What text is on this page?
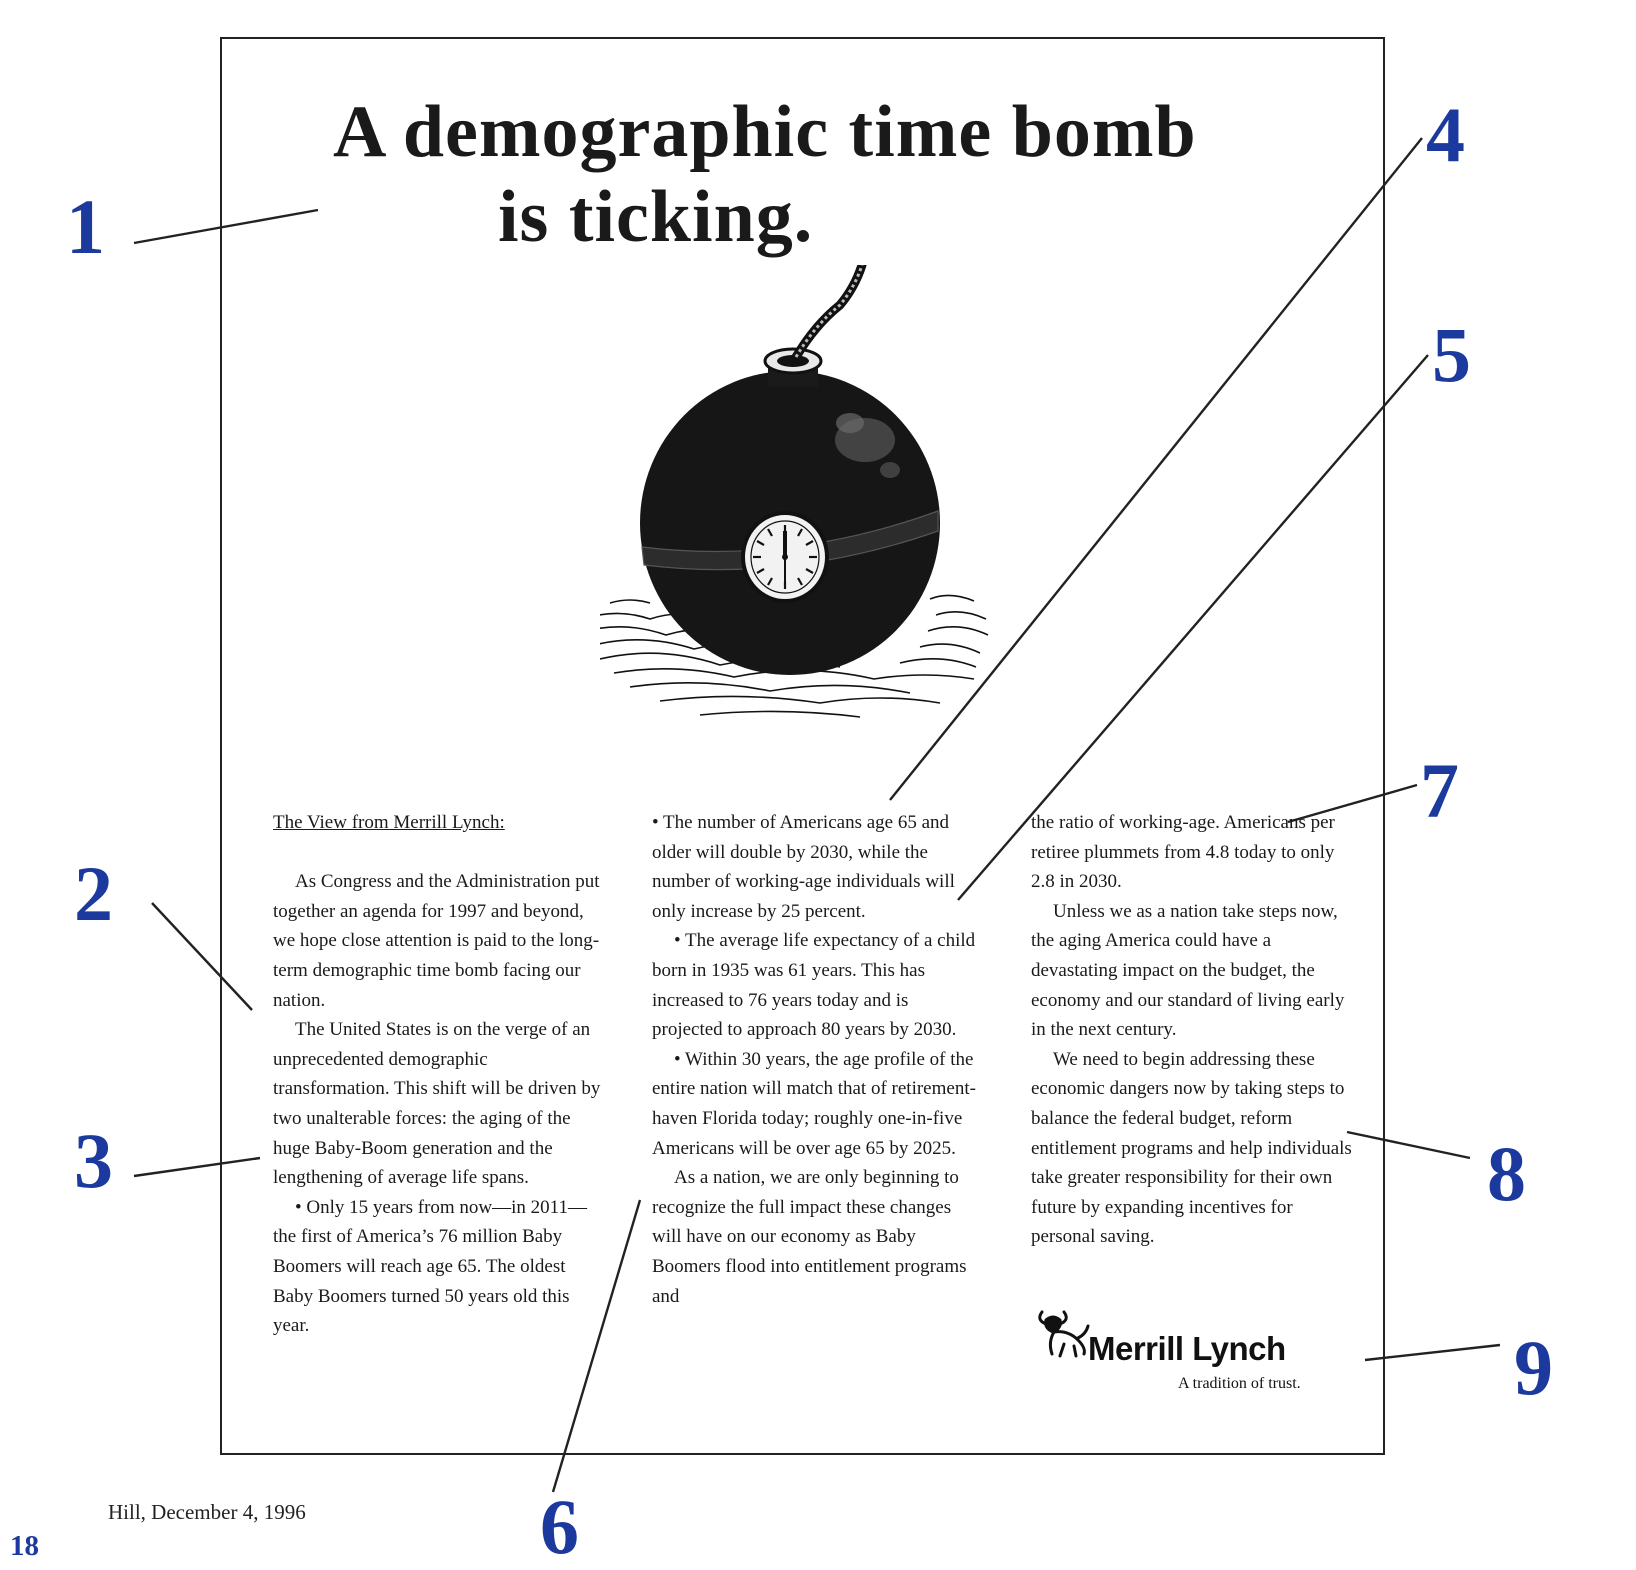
A demographic time bomb
is ticking.

The View from Merrill Lynch:

As Congress and the Administration put together an agenda for 1997 and beyond, we hope close attention is paid to the long-term demographic time bomb facing our nation.

The United States is on the verge of an unprecedented demographic transformation. This shift will be driven by two unalterable forces: the aging of the huge Baby-Boom generation and the lengthening of average life spans.

• Only 15 years from now—in 2011—the first of America’s 76 million Baby Boomers will reach age 65. The oldest Baby Boomers turned 50 years old this year.

• The number of Americans age 65 and older will double by 2030, while the number of working-age individuals will only increase by 25 percent.

• The average life expectancy of a child born in 1935 was 61 years. This has increased to 76 years today and is projected to approach 80 years by 2030.

• Within 30 years, the age profile of the entire nation will match that of retirement-haven Florida today; roughly one-in-five Americans will be over age 65 by 2025.

As a nation, we are only beginning to recognize the full impact these changes will have on our economy as Baby Boomers flood into entitlement programs and

the ratio of working-age. Americans per retiree plummets from 4.8 today to only 2.8 in 2030.

Unless we as a nation take steps now, the aging America could have a devastating impact on the budget, the economy and our standard of living early in the next century.

We need to begin addressing these economic dangers now by taking steps to balance the federal budget, reform entitlement programs and help individuals take greater responsibility for their own future by expanding incentives for personal saving.

Merrill Lynch
A tradition of trust.
1
2
3
4
5
6
7
8
9
Hill, December 4, 1996
18
